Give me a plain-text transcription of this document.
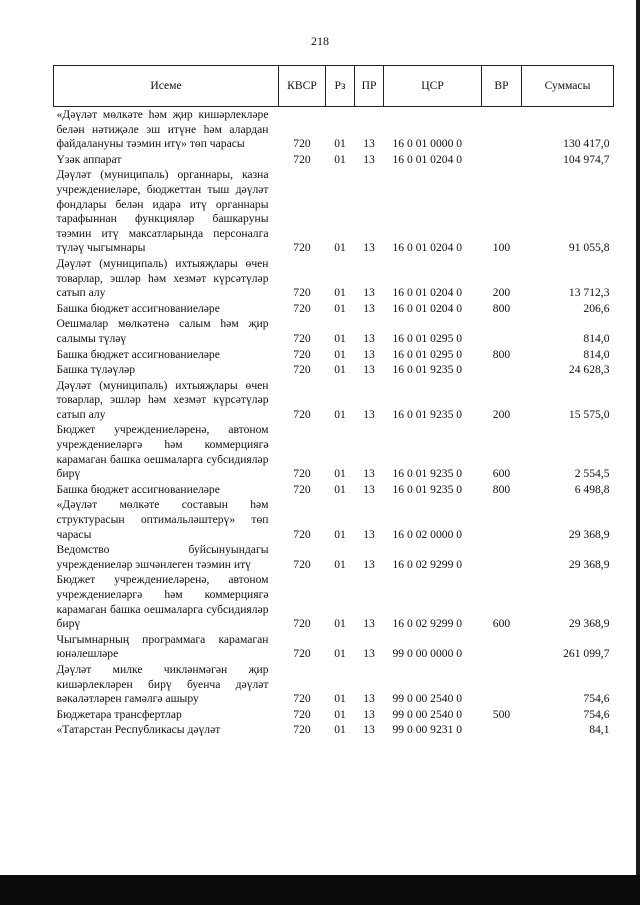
218
Исеме	КВСР	Рз	ПР	ЦСР	ВР	Суммасы
«Дәүләт мөлкәте һәм җир кишәрлекләре белән нәтиҗәле эш итүне һәм алардан файдалануны тәэмин итү» төп чарасы	720	01	13	16 0 01 0000 0		130 417,0
Үзәк аппарат	720	01	13	16 0 01 0204 0		104 974,7
Дәүләт (муниципаль) органнары, казна учреждениеләре, бюджеттан тыш дәүләт фондлары белән идарә итү органнары тарафыннан функцияләр башкаруны тәэмин итү максатларында персоналга түләү чыгымнары	720	01	13	16 0 01 0204 0	100	91 055,8
Дәүләт (муниципаль) ихтыяҗлары өчен товарлар, эшләр һәм хезмәт күрсәтүләр сатып алу	720	01	13	16 0 01 0204 0	200	13 712,3
Башка бюджет ассигнованиеләре	720	01	13	16 0 01 0204 0	800	206,6
Оешмалар мөлкәтенә салым һәм җир салымы түләү	720	01	13	16 0 01 0295 0		814,0
Башка бюджет ассигнованиеләре	720	01	13	16 0 01 0295 0	800	814,0
Башка түләүләр	720	01	13	16 0 01 9235 0		24 628,3
Дәүләт (муниципаль) ихтыяҗлары өчен товарлар, эшләр һәм хезмәт күрсәтүләр сатып алу	720	01	13	16 0 01 9235 0	200	15 575,0
Бюджет учреждениеләренә, автоном учреждениеләргә һәм коммерциягә карамаган башка оешмаларга субсидияләр бирү	720	01	13	16 0 01 9235 0	600	2 554,5
Башка бюджет ассигнованиеләре	720	01	13	16 0 01 9235 0	800	6 498,8
«Дәүләт мөлкәте составын һәм структурасын оптимальләштерү» төп чарасы	720	01	13	16 0 02 0000 0		29 368,9
Ведомство буйсынуындагы учреждениеләр эшчәнлеген тәэмин итү	720	01	13	16 0 02 9299 0		29 368,9
Бюджет учреждениеләренә, автоном учреждениеләргә һәм коммерциягә карамаган башка оешмаларга субсидияләр бирү	720	01	13	16 0 02 9299 0	600	29 368,9
Чыгымнарның программага карамаган юнәлешләре	720	01	13	99 0 00 0000 0		261 099,7
Дәүләт милке чикләнмәгән җир кишәрлекләрен бирү буенча дәүләт вәкаләтләрен гамәлгә ашыру	720	01	13	99 0 00 2540 0		754,6
Бюджетара трансфертлар	720	01	13	99 0 00 2540 0	500	754,6
«Татарстан Республикасы дәүләт	720	01	13	99 0 00 9231 0		84,1
